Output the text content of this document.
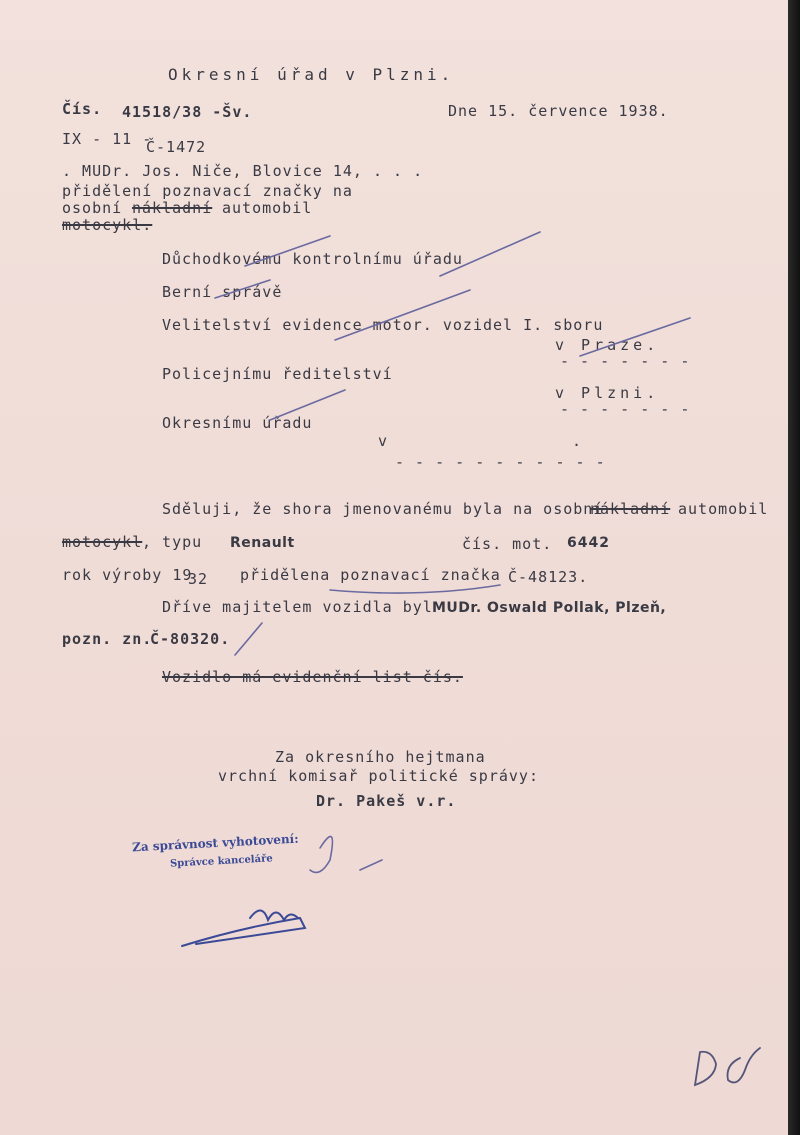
Okresní úřad v Plzni.
Čís. 41518/38 -Šv.	Dne 15. července 1938.
IX - 11 -
Č-1472
. MUDr. Jos. Niče, Blovice 14, . . .
přidělení poznavací značky na
osobní nákladní automobil
motocykl.
Důchodkovému kontrolnímu úřadu
Berní správě
Velitelství evidence motor. vozidel I. sboru
v Praze.
- - - - - - -
Policejnímu ředitelství
v Plzni.
- - - - - - -
Okresnímu úřadu
v	.
- - - - - - - - - - -
Sděluji, že shora jmenovanému byla na osobní
nákladní automobil
motocykl , typu Renault	čís. mot. 6442
rok výroby 19
32 přidělena poznavací značka Č-48123.
Dříve majitelem vozidla byl MUDr. Oswald Pollak, Plzeň,
pozn. zn.
Č-80320.
Vozidlo má evidenční list čís.
Za okresního hejtmana
vrchní komisař politické správy:
Dr. Pakeš v.r.
Za správnost vyhotovení:
Správce kanceláře
